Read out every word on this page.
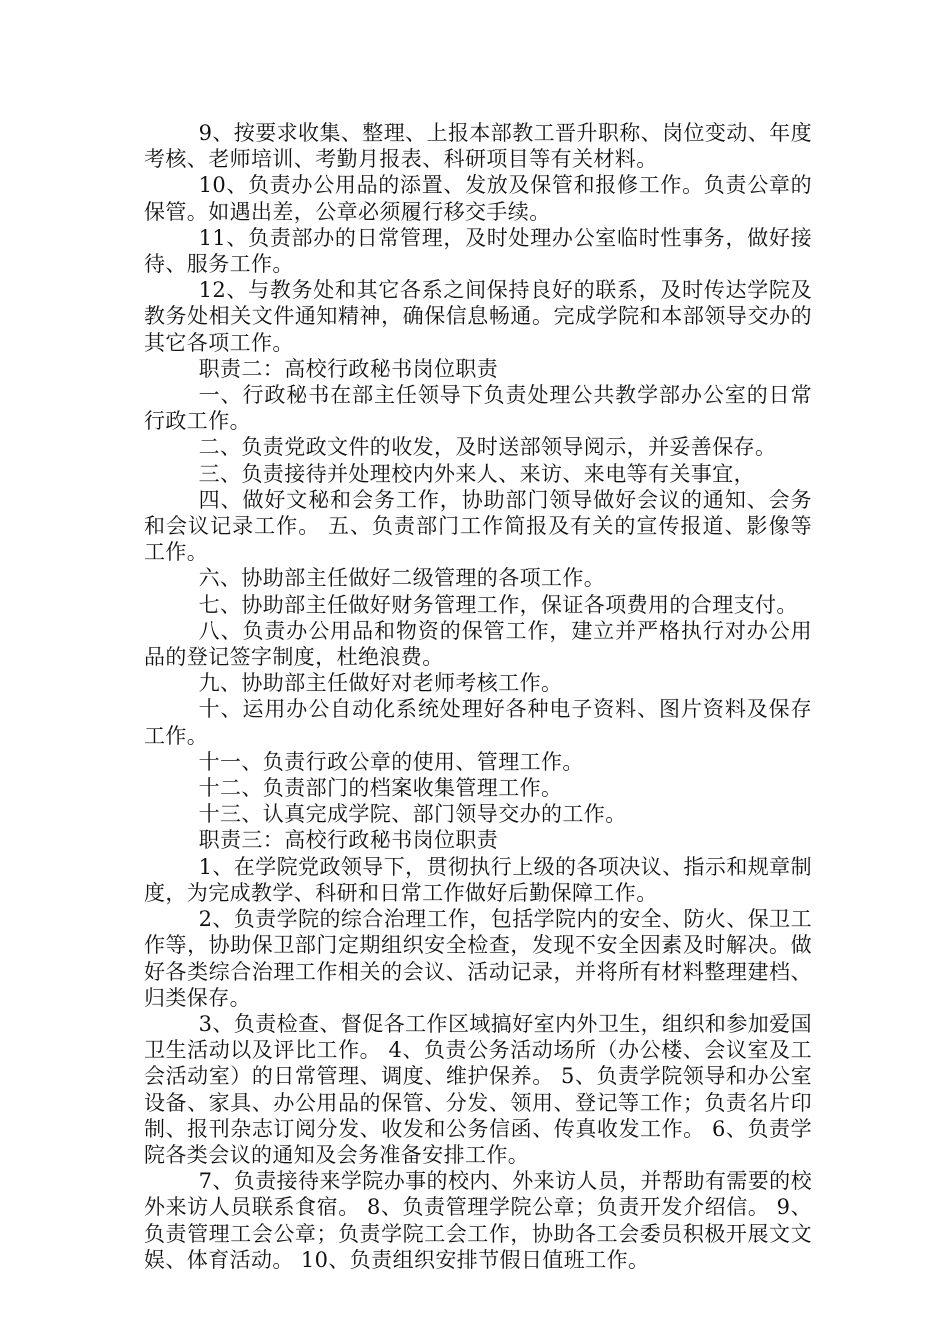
9、按要求收集、整理、上报本部教工晋升职称、岗位变动、年度考核、老师培训、考勤月报表、科研项目等有关材料。

10、负责办公用品的添置、发放及保管和报修工作。负责公章的保管。如遇出差，公章必须履行移交手续。

11、负责部办的日常管理，及时处理办公室临时性事务，做好接待、服务工作。

12、与教务处和其它各系之间保持良好的联系，及时传达学院及教务处相关文件通知精神，确保信息畅通。完成学院和本部领导交办的其它各项工作。

职责二：高校行政秘书岗位职责

一、行政秘书在部主任领导下负责处理公共教学部办公室的日常行政工作。

二、负责党政文件的收发，及时送部领导阅示，并妥善保存。

三、负责接待并处理校内外来人、来访、来电等有关事宜，

四、做好文秘和会务工作，协助部门领导做好会议的通知、会务和会议记录工作。 五、负责部门工作简报及有关的宣传报道、影像等工作。

六、协助部主任做好二级管理的各项工作。

七、协助部主任做好财务管理工作，保证各项费用的合理支付。

八、负责办公用品和物资的保管工作，建立并严格执行对办公用品的登记签字制度，杜绝浪费。

九、协助部主任做好对老师考核工作。

十、运用办公自动化系统处理好各种电子资料、图片资料及保存工作。

十一、负责行政公章的使用、管理工作。

十二、负责部门的档案收集管理工作。

十三、认真完成学院、部门领导交办的工作。

职责三：高校行政秘书岗位职责

1、在学院党政领导下，贯彻执行上级的各项决议、指示和规章制度，为完成教学、科研和日常工作做好后勤保障工作。

2、负责学院的综合治理工作，包括学院内的安全、防火、保卫工作等，协助保卫部门定期组织安全检查，发现不安全因素及时解决。做好各类综合治理工作相关的会议、活动记录，并将所有材料整理建档、归类保存。

3、负责检查、督促各工作区域搞好室内外卫生，组织和参加爱国卫生活动以及评比工作。 4、负责公务活动场所（办公楼、会议室及工会活动室）的日常管理、调度、维护保养。 5、负责学院领导和办公室设备、家具、办公用品的保管、分发、领用、登记等工作；负责名片印制、报刊杂志订阅分发、收发和公务信函、传真收发工作。 6、负责学院各类会议的通知及会务准备安排工作。

7、负责接待来学院办事的校内、外来访人员，并帮助有需要的校外来访人员联系食宿。 8、负责管理学院公章；负责开发介绍信。 9、负责管理工会公章；负责学院工会工作，协助各工会委员积极开展文文娱、体育活动。 10、负责组织安排节假日值班工作。
